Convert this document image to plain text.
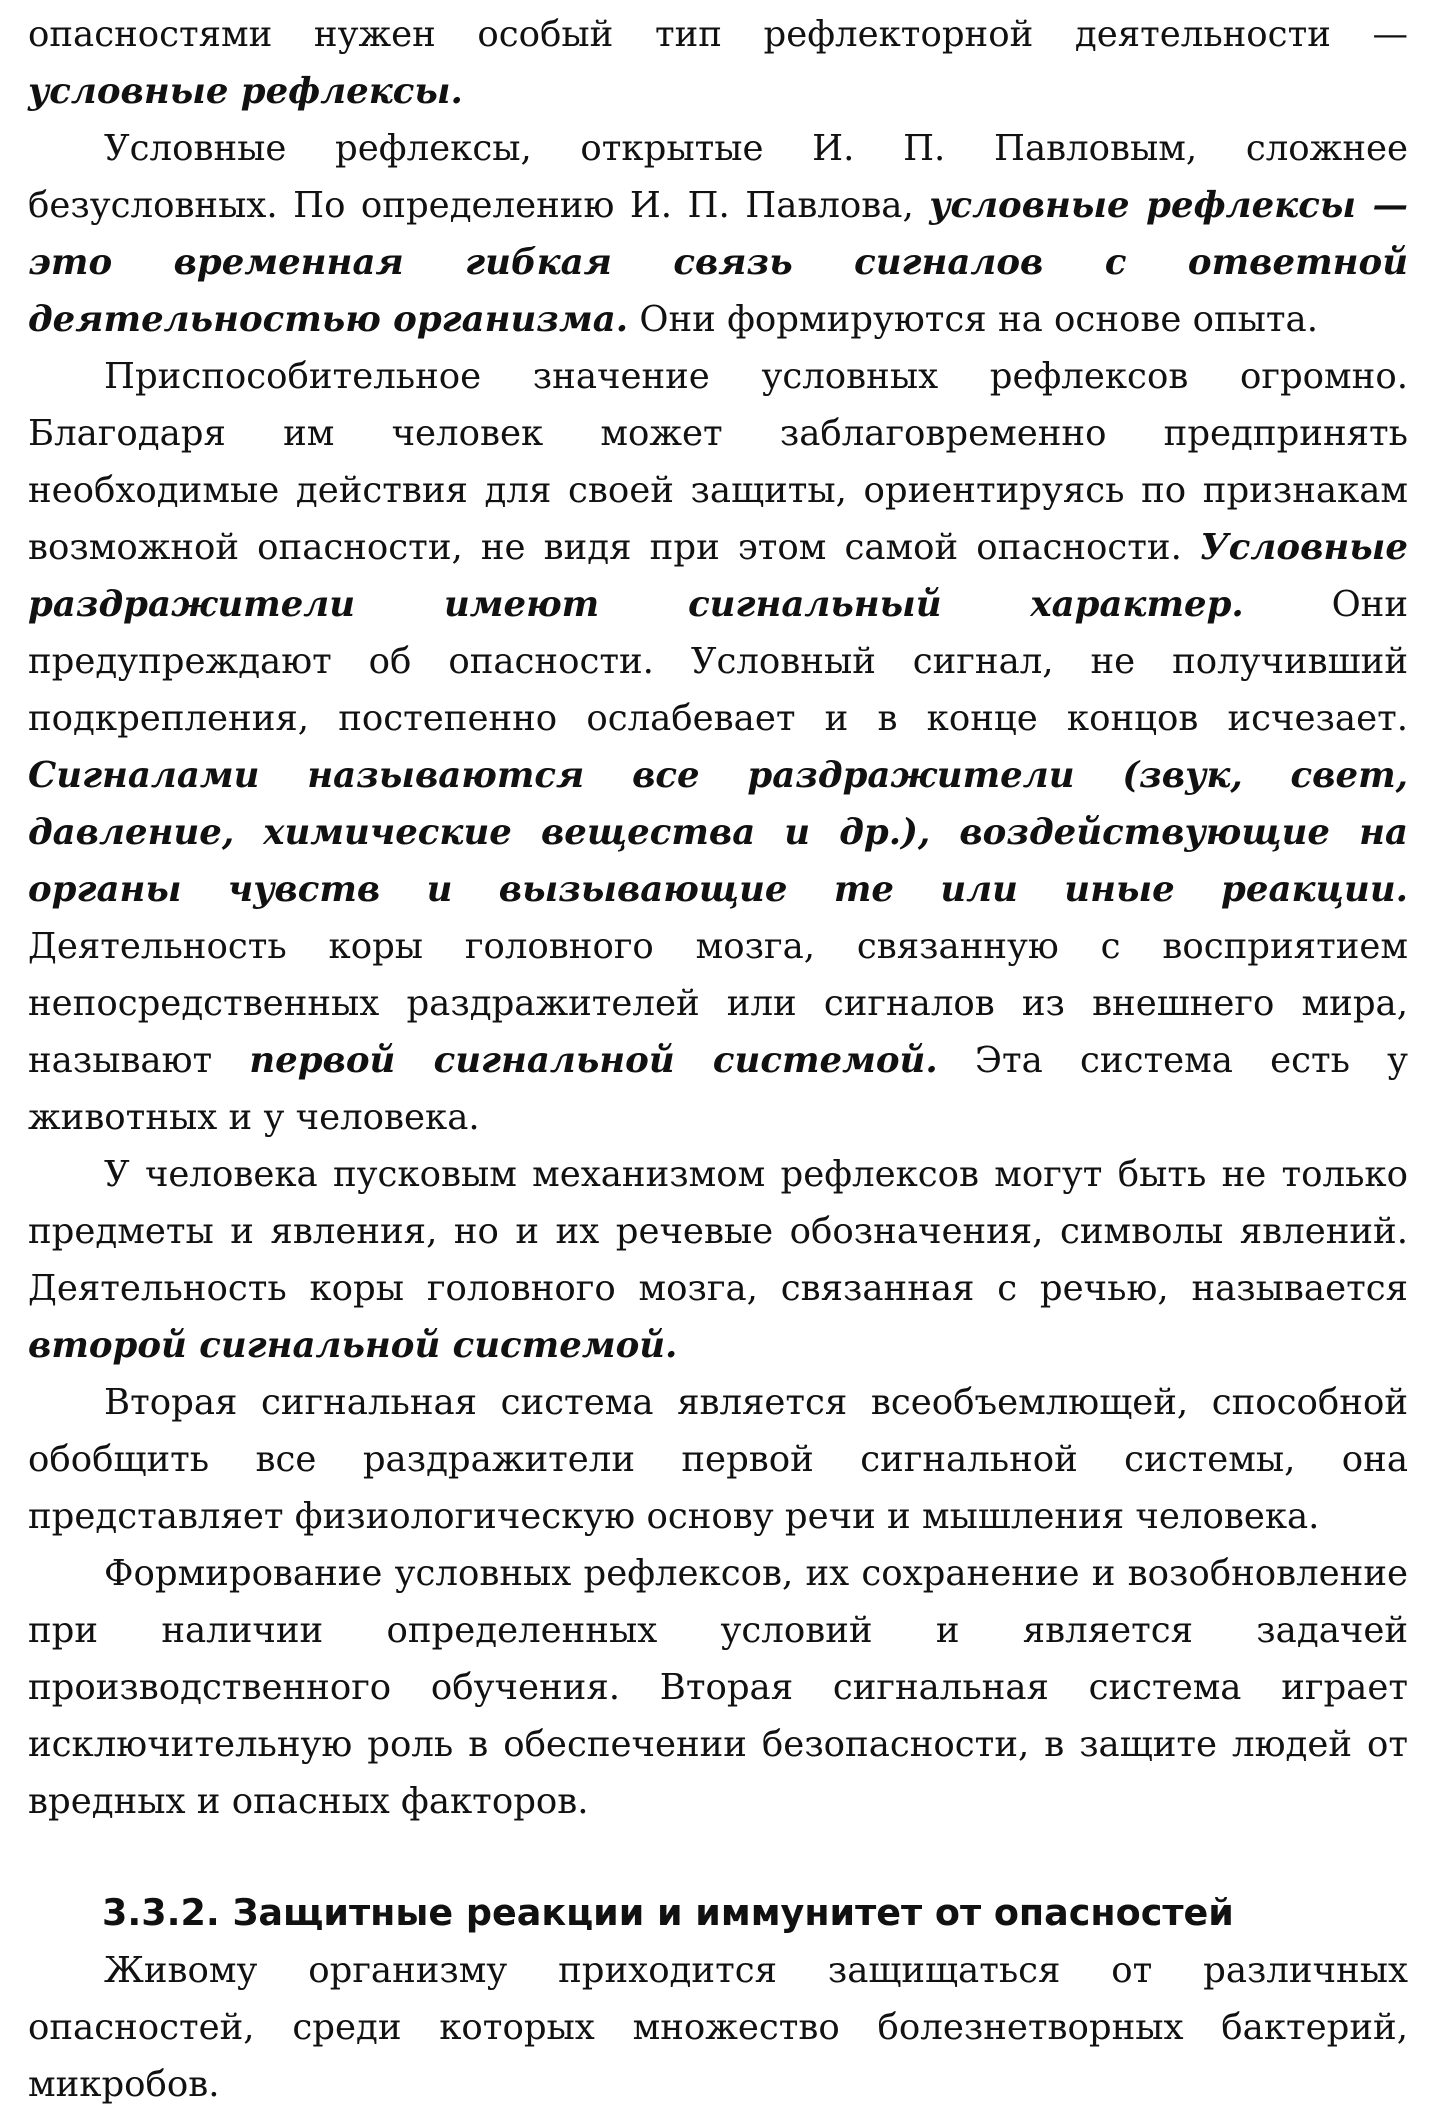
опасностями нужен особый тип рефлекторной деятельности — условные рефлексы.

Условные рефлексы, открытые И. П. Павловым, сложнее безусловных. По определению И. П. Павлова, условные рефлексы — это временная гибкая связь сигналов с ответной деятельностью организма. Они формируются на основе опыта.

Приспособительное значение условных рефлексов огромно. Благодаря им человек может заблаговременно предпринять необходимые действия для своей защиты, ориентируясь по признакам возможной опасности, не видя при этом самой опасности. Условные раздражители имеют сигнальный характер. Они предупреждают об опасности. Условный сигнал, не получивший подкрепления, постепенно ослабевает и в конце концов исчезает. Сигналами называются все раздражители (звук, свет, давление, химические вещества и др.), воздействующие на органы чувств и вызывающие те или иные реакции. Деятельность коры головного мозга, связанную с восприятием непосредственных раздражителей или сигналов из внешнего мира, называют первой сигнальной системой. Эта система есть у животных и у человека.

У человека пусковым механизмом рефлексов могут быть не только предметы и явления, но и их речевые обозначения, символы явлений. Деятельность коры головного мозга, связанная с речью, называется второй сигнальной системой.

Вторая сигнальная система является всеобъемлющей, способной обобщить все раздражители первой сигнальной системы, она представляет физиологическую основу речи и мышления человека.

Формирование условных рефлексов, их сохранение и возобновление при наличии определенных условий и является задачей производственного обучения. Вторая сигнальная система играет исключительную роль в обеспечении безопасности, в защите людей от вредных и опасных факторов.

3.3.2. Защитные реакции и иммунитет от опасностей

Живому организму приходится защищаться от различных опасностей, среди которых множество болезнетворных бактерий, микробов.
